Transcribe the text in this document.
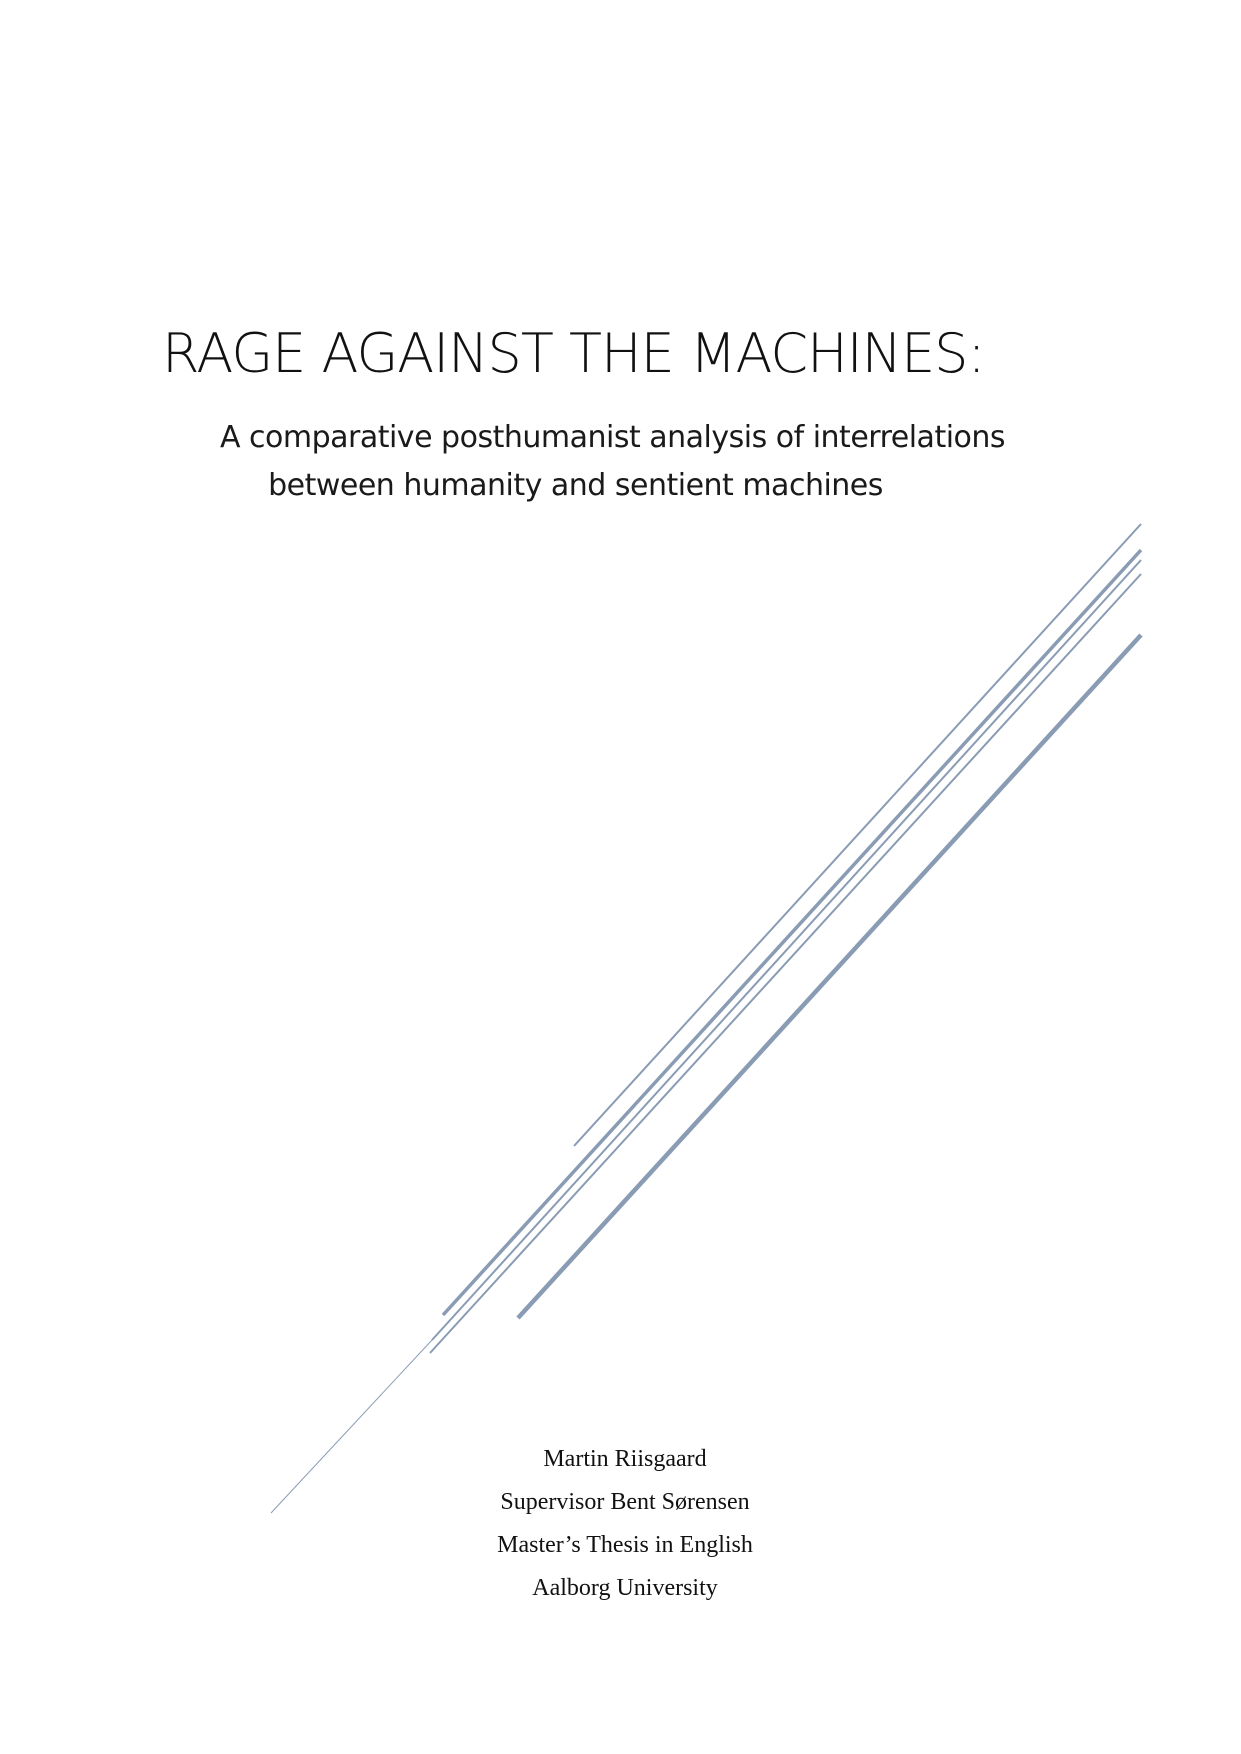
RAGE AGAINST THE MACHINES:

A comparative posthumanist analysis of interrelations
between humanity and sentient machines

Martin Riisgaard
Supervisor Bent Sørensen
Master’s Thesis in English
Aalborg University
